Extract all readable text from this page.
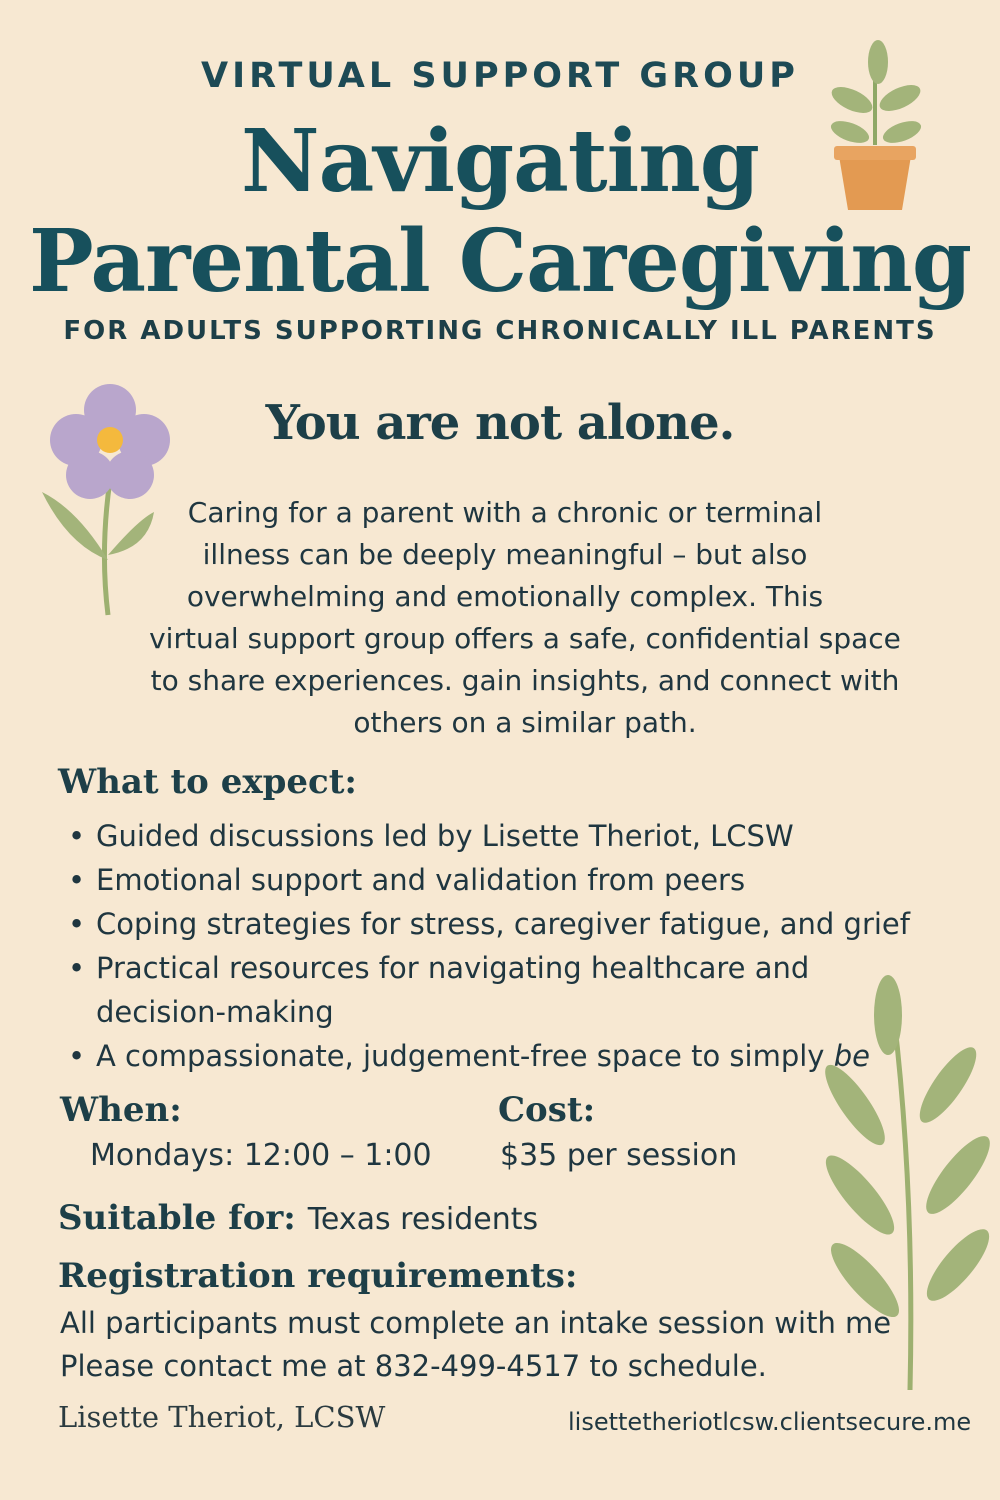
VIRTUAL SUPPORT GROUP
Navigating
Parental Caregiving
FOR ADULTS SUPPORTING CHRONICALLY ILL PARENTS
You are not alone.
Caring for a parent with a chronic or terminal
illness can be deeply meaningful – but also
overwhelming and emotionally complex. This
virtual support group offers a safe, confidential space
to share experiences. gain insights, and connect with
others on a similar path.
What to expect:
• Guided discussions led by Lisette Theriot, LCSW
• Emotional support and validation from peers
• Coping strategies for stress, caregiver fatigue, and grief
• Practical resources for navigating healthcare and decision-making
• A compassionate, judgement-free space to simply be
When:
Mondays: 12:00 – 1:00
Cost:
$35 per session
Suitable for: Texas residents
Registration requirements:
All participants must complete an intake session with me
Please contact me at 832-499-4517 to schedule.
Lisette Theriot, LCSW	lisettetheriotlcsw.clientsecure.me
